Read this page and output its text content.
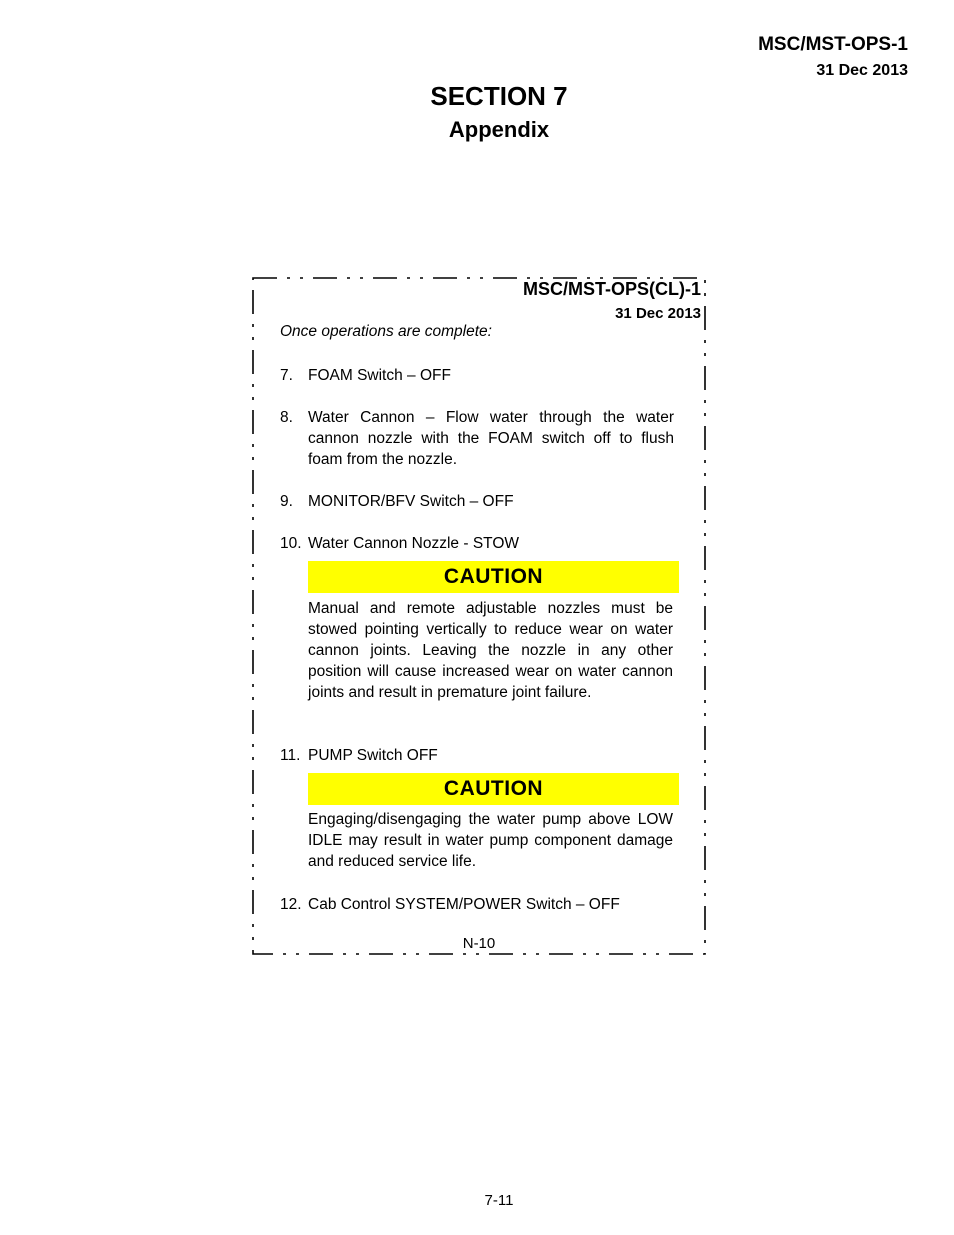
MSC/MST-OPS-1
31 Dec 2013
SECTION 7
Appendix
MSC/MST-OPS(CL)-1
31 Dec 2013
Once operations are complete:
7. FOAM Switch – OFF
8. Water Cannon – Flow water through the water cannon nozzle with the FOAM switch off to flush foam from the nozzle.
9. MONITOR/BFV Switch – OFF
10. Water Cannon Nozzle - STOW
CAUTION
Manual and remote adjustable nozzles must be stowed pointing vertically to reduce wear on water cannon joints. Leaving the nozzle in any other position will cause increased wear on water cannon joints and result in premature joint failure.
11. PUMP Switch OFF
CAUTION
Engaging/disengaging the water pump above LOW IDLE may result in water pump component damage and reduced service life.
12. Cab Control SYSTEM/POWER Switch – OFF
N-10
7-11
